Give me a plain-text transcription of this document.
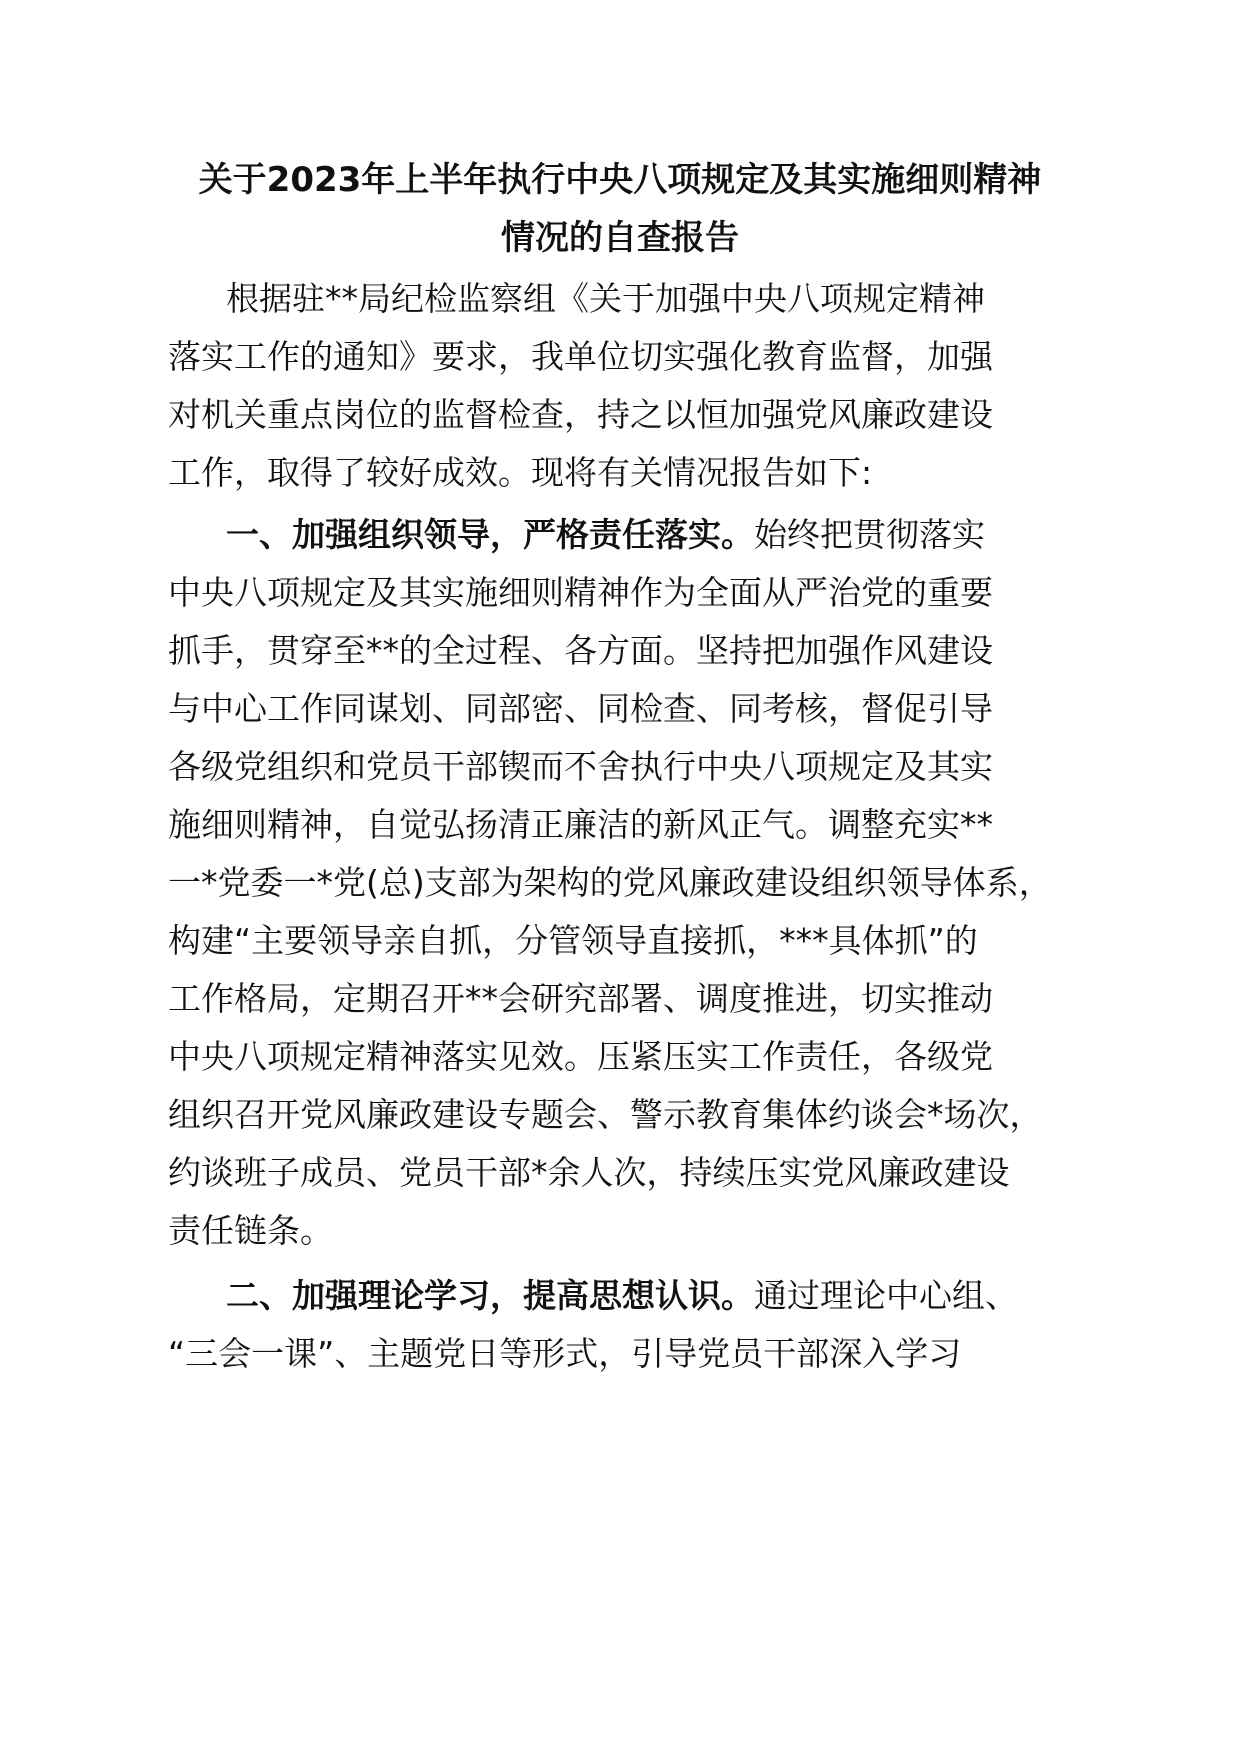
关于2023年上半年执行中央八项规定及其实施细则精神
情况的自查报告
根据驻**局纪检监察组《关于加强中央八项规定精神
落实工作的通知》要求，我单位切实强化教育监督，加强
对机关重点岗位的监督检查，持之以恒加强党风廉政建设
工作，取得了较好成效。现将有关情况报告如下:
一、加强组织领导，严格责任落实。始终把贯彻落实
中央八项规定及其实施细则精神作为全面从严治党的重要
抓手，贯穿至**的全过程、各方面。坚持把加强作风建设
与中心工作同谋划、同部密、同检查、同考核，督促引导
各级党组织和党员干部锲而不舍执行中央八项规定及其实
施细则精神，自觉弘扬清正廉洁的新风正气。调整充实**
一*党委一*党(总)支部为架构的党风廉政建设组织领导体系，
构建“主要领导亲自抓，分管领导直接抓，***具体抓”的
工作格局，定期召开**会研究部署、调度推进，切实推动
中央八项规定精神落实见效。压紧压实工作责任，各级党
组织召开党风廉政建设专题会、警示教育集体约谈会*场次，
约谈班子成员、党员干部*余人次，持续压实党风廉政建设
责任链条。
二、加强理论学习，提高思想认识。通过理论中心组、
“三会一课”、主题党日等形式，引导党员干部深入学习
